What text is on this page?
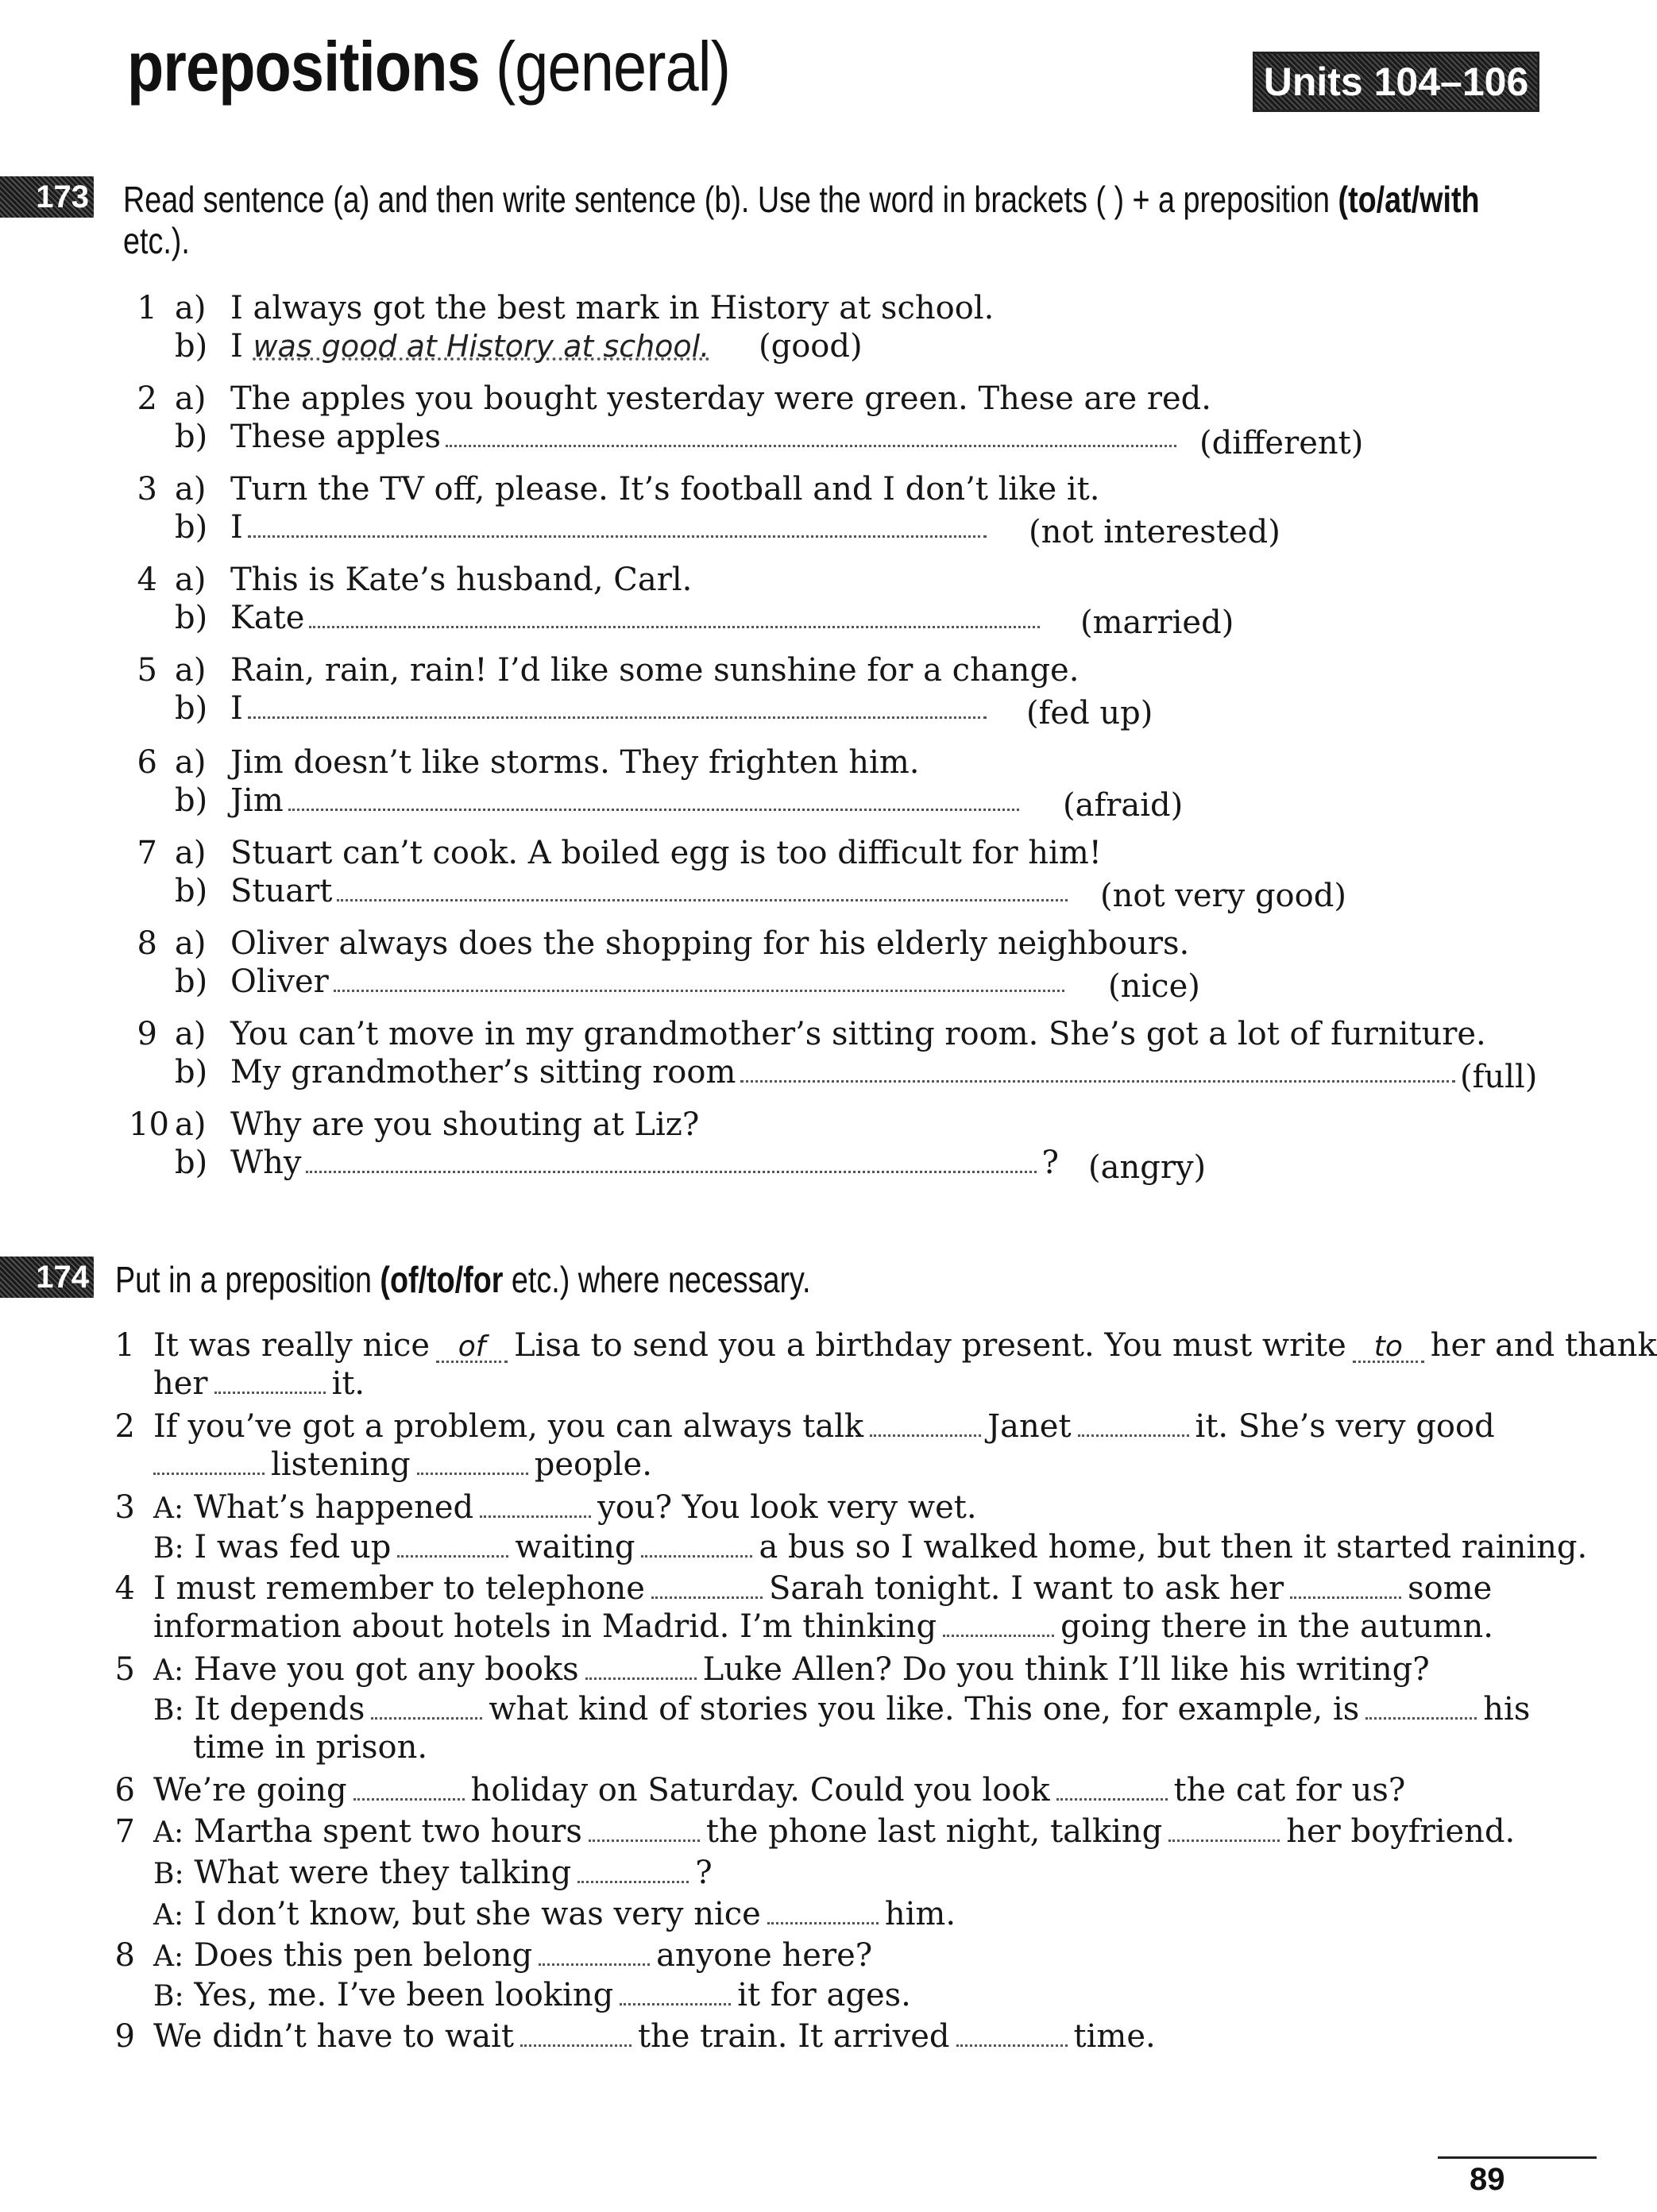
prepositions (general)	Units 104–106
173 Read sentence (a) and then write sentence (b). Use the word in brackets ( ) + a preposition (to/at/with
etc.).
1 a) I always got the best mark in History at school.
b) I was good at History at school. (good)
2 a) The apples you bought yesterday were green. These are red.
b) These apples	(different)
3 a) Turn the TV off, please. It’s football and I don’t like it.
b) I	(not interested)
4 a) This is Kate’s husband, Carl.
b) Kate	(married)
5 a) Rain, rain, rain! I’d like some sunshine for a change.
b) I	(fed up)
6 a) Jim doesn’t like storms. They frighten him.
b) Jim	(afraid)
7 a) Stuart can’t cook. A boiled egg is too difficult for him!
b) Stuart	(not very good)
8 a) Oliver always does the shopping for his elderly neighbours.
b) Oliver	(nice)
9 a) You can’t move in my grandmother’s sitting room. She’s got a lot of furniture.
b) My grandmother’s sitting room	(full)
10 a) Why are you shouting at Liz?
b) Why	? (angry)
174 Put in a preposition (of/to/for etc.) where necessary.
1 It was really nice of Lisa to send you a birthday present. You must write to her and thank
her	it.
2 If you’ve got a problem, you can always talk	Janet	it. She’s very good
listening	people.
3 A: What’s happened	you? You look very wet.
B: I was fed up	waiting	a bus so I walked home, but then it started raining.
4 I must remember to telephone	Sarah tonight. I want to ask her	some
information about hotels in Madrid. I’m thinking	going there in the autumn.
5 A: Have you got any books	Luke Allen? Do you think I’ll like his writing?
B: It depends	what kind of stories you like. This one, for example, is	his
time in prison.
6 We’re going	holiday on Saturday. Could you look	the cat for us?
7 A: Martha spent two hours	the phone last night, talking	her boyfriend.
B: What were they talking	?
A: I don’t know, but she was very nice	him.
8 A: Does this pen belong	anyone here?
B: Yes, me. I’ve been looking	it for ages.
9 We didn’t have to wait	the train. It arrived	time.
89
